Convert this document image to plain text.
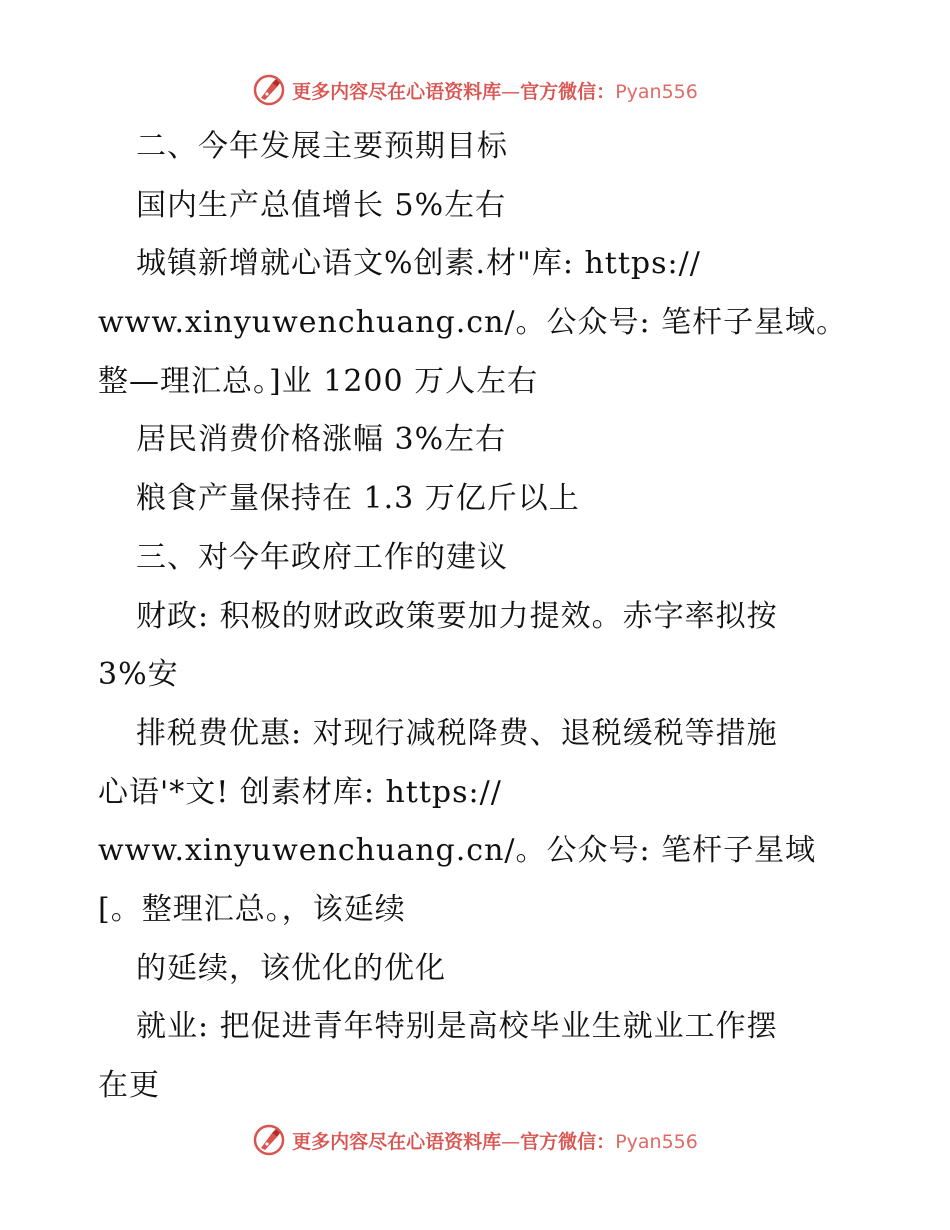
更多内容尽在心语资料库—官方微信：Pyan556
二、今年发展主要预期目标
国内生产总值增长 5%左右
城镇新增就心语文%创素.材"库: https://
www.xinyuwenchuang.cn/。公众号: 笔杆子星域。
整—理汇总。]业 1200 万人左右
居民消费价格涨幅 3%左右
粮食产量保持在 1.3 万亿斤以上
三、对今年政府工作的建议
财政: 积极的财政政策要加力提效。赤字率拟按
3%安
排税费优惠: 对现行减税降费、退税缓税等措施
心语'*文! 创素材库: https://
www.xinyuwenchuang.cn/。公众号: 笔杆子星域
[。整理汇总。，该延续
的延续，该优化的优化
就业: 把促进青年特别是高校毕业生就业工作摆
在更
更多内容尽在心语资料库—官方微信：Pyan556
